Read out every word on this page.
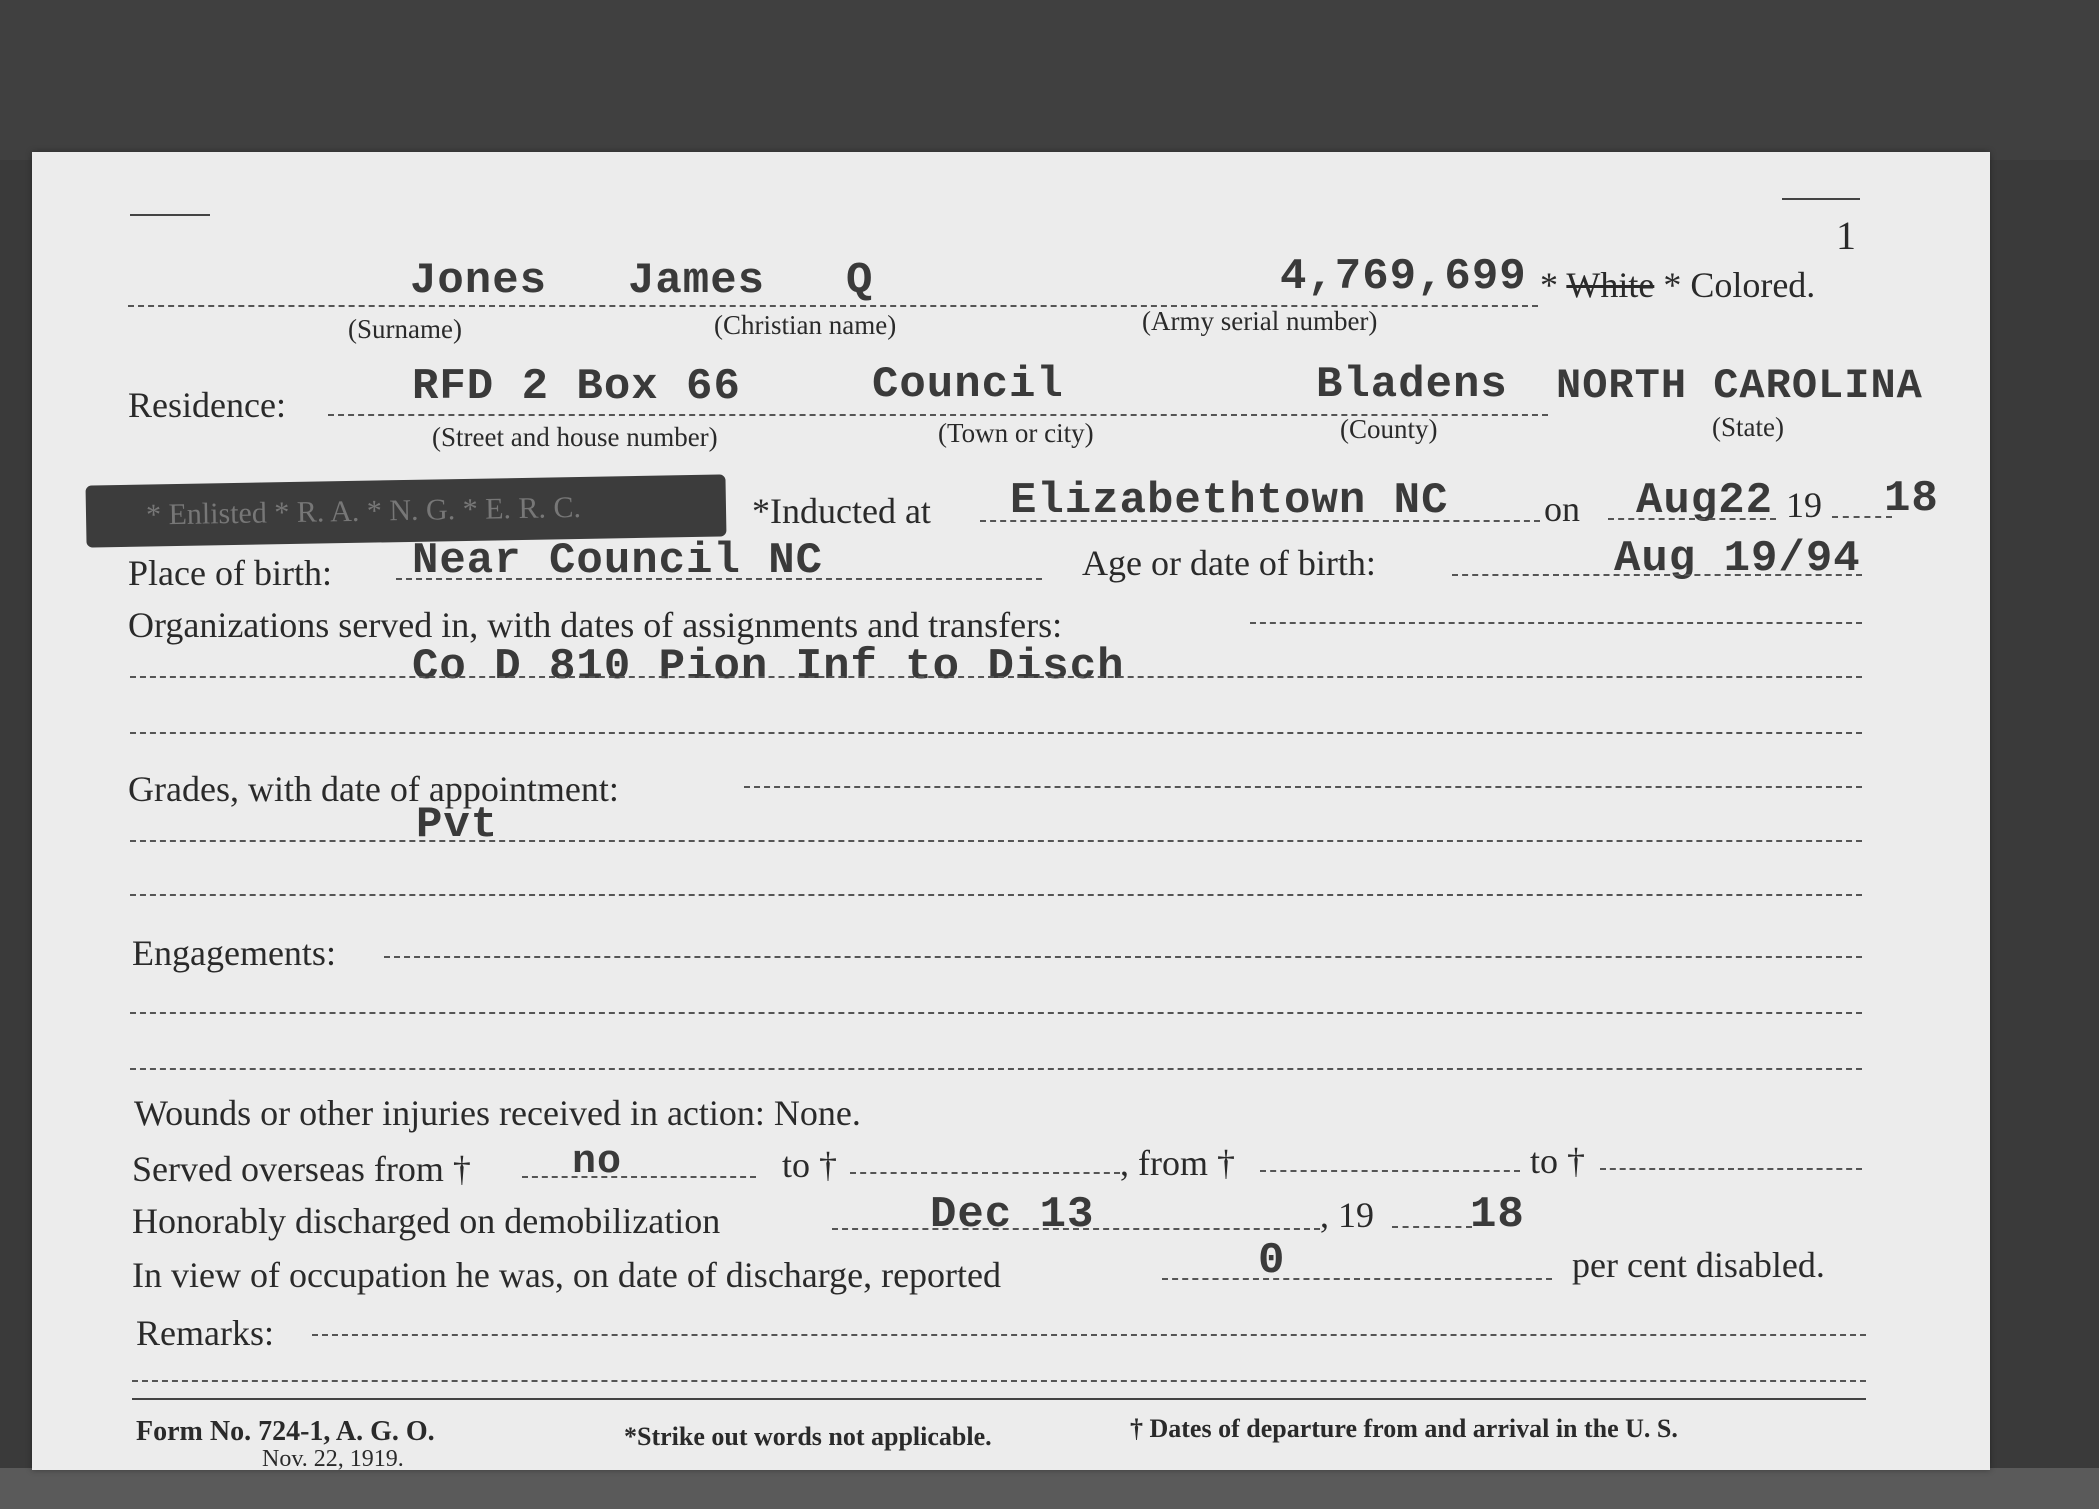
1
Jones James Q	4,769,699 * White * Colored.
(Surname)	(Christian name)	(Army serial number)
Residence:	RFD 2 Box 66	Council	Bladens NORTH CAROLINA
(Street and house number)	(Town or city)	(County)	(State)
* Enlisted * R. A. * N. G. * E. R. C.	*Inducted at Elizabethtown NC	on Aug22 19 18
Place of birth: Near Council NC	Age or date of birth:	Aug 19/94
Organizations served in, with dates of assignments and transfers:
Co D 810 Pion Inf to Disch
Grades, with date of appointment:
Pvt
Engagements:
Wounds or other injuries received in action: None.
Served overseas from †	no	to †	, from †	to †
Honorably discharged on demobilization	Dec 13	, 19 18
In view of occupation he was, on date of discharge, reported	0	per cent disabled.
Remarks:
Form No. 724-1, A. G. O.
Nov. 22, 1919.
*Strike out words not applicable.	† Dates of departure from and arrival in the U. S.
